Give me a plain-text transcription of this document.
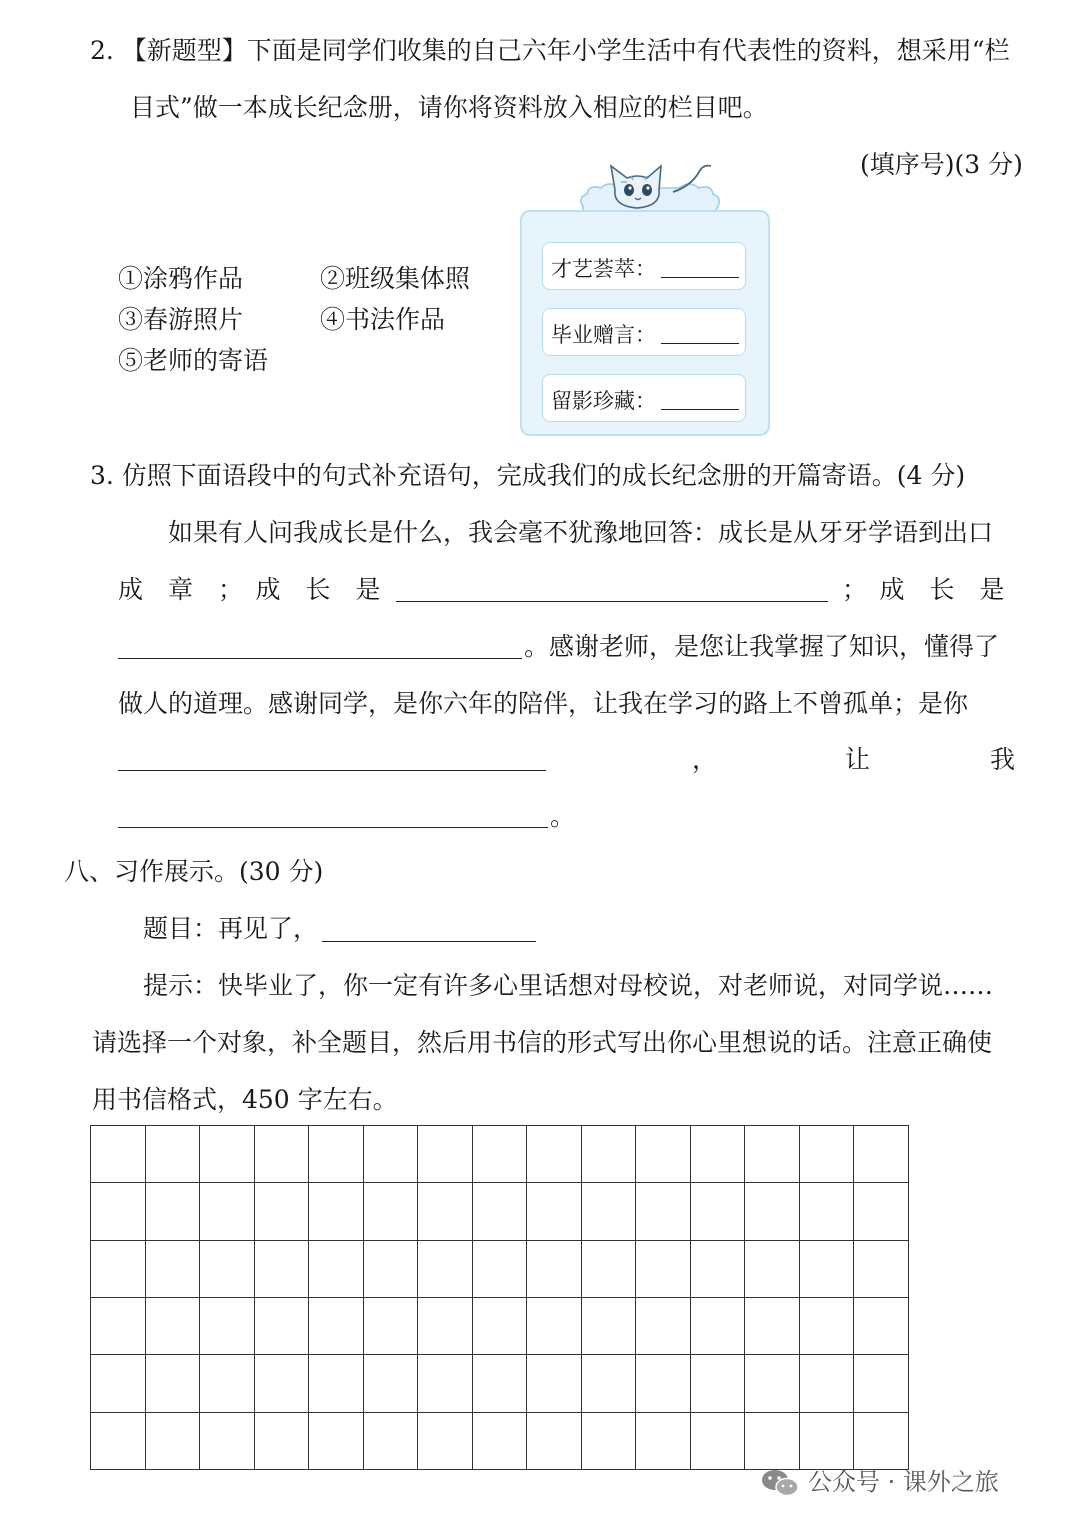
2. 【新题型】下面是同学们收集的自己六年小学生活中有代表性的资料，想采用“栏
目式”做一本成长纪念册，请你将资料放入相应的栏目吧。
(填序号)(3 分)
①涂鸦作品	②班级集体照
③春游照片	④书法作品
⑤老师的寄语
才艺荟萃：
毕业赠言：
留影珍藏：
3. 仿照下面语段中的句式补充语句，完成我们的成长纪念册的开篇寄语。(4 分)
如果有人问我成长是什么，我会毫不犹豫地回答：成长是从牙牙学语到出口
成　章　；　成　长　是	；　成　长　是
。感谢老师，是您让我掌握了知识，懂得了
做人的道理。感谢同学，是你六年的陪伴，让我在学习的路上不曾孤单；是你
，	让	我
。
八、习作展示。(30 分)
题目：再见了，
提示：快毕业了，你一定有许多心里话想对母校说，对老师说，对同学说……
请选择一个对象，补全题目，然后用书信的形式写出你心里想说的话。注意正确使
用书信格式，450 字左右。
公众号 · 课外之旅
